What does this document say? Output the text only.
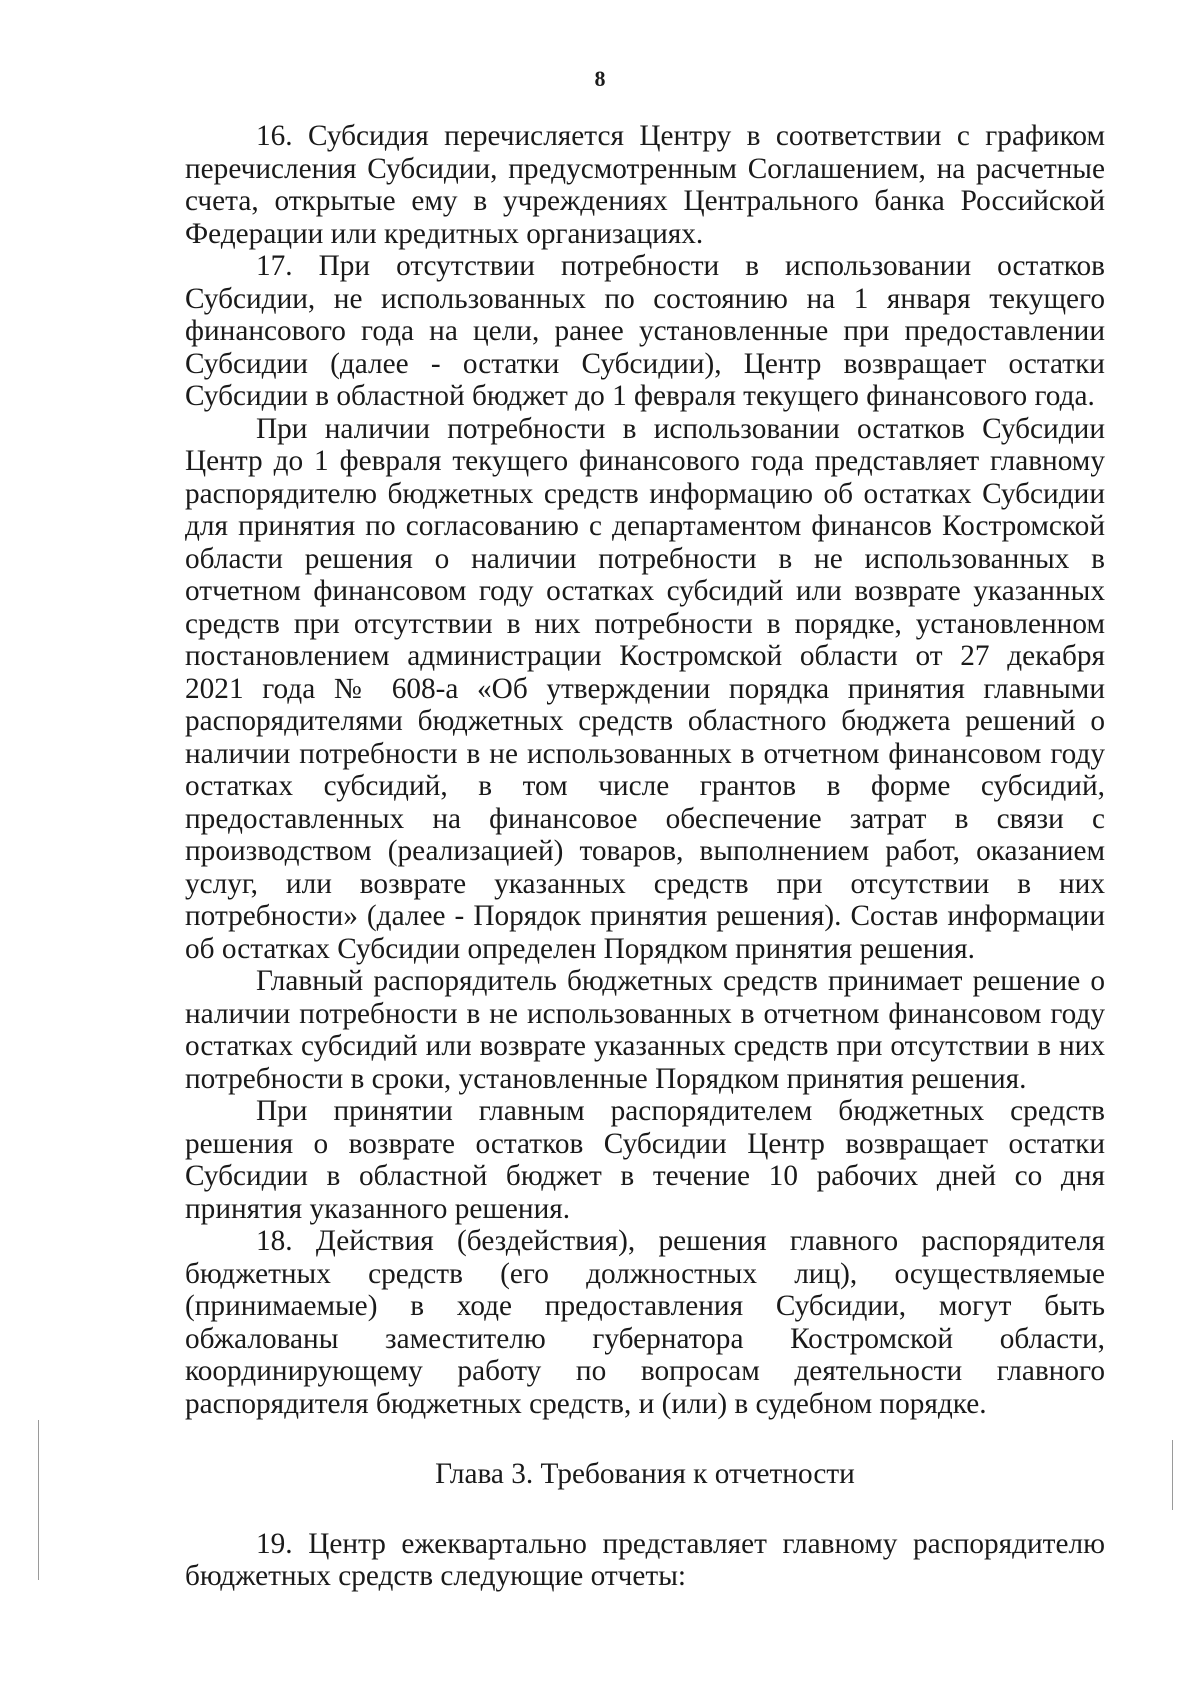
8

16. Субсидия перечисляется Центру в соответствии с графиком перечисления Субсидии, предусмотренным Соглашением, на расчетные счета, открытые ему в учреждениях Центрального банка Российской Федерации или кредитных организациях.

17. При отсутствии потребности в использовании остатков Субсидии, не использованных по состоянию на 1 января текущего финансового года на цели, ранее установленные при предоставлении Субсидии (далее - остатки Субсидии), Центр возвращает остатки Субсидии в областной бюджет до 1 февраля текущего финансового года.

При наличии потребности в использовании остатков Субсидии Центр до 1 февраля текущего финансового года представляет главному распорядителю бюджетных средств информацию об остатках Субсидии для принятия по согласованию с департаментом финансов Костромской области решения о наличии потребности в не использованных в отчетном финансовом году остатках субсидий или возврате указанных средств при отсутствии в них потребности в порядке, установленном постановлением администрации Костромской области от 27 декабря 2021 года № 608-а «Об утверждении порядка принятия главными распорядителями бюджетных средств областного бюджета решений о наличии потребности в не использованных в отчетном финансовом году остатках субсидий, в том числе грантов в форме субсидий, предоставленных на финансовое обеспечение затрат в связи с производством (реализацией) товаров, выполнением работ, оказанием услуг, или возврате указанных средств при отсутствии в них потребности» (далее - Порядок принятия решения). Состав информации об остатках Субсидии определен Порядком принятия решения.

Главный распорядитель бюджетных средств принимает решение о наличии потребности в не использованных в отчетном финансовом году остатках субсидий или возврате указанных средств при отсутствии в них потребности в сроки, установленные Порядком принятия решения.

При принятии главным распорядителем бюджетных средств решения о возврате остатков Субсидии Центр возвращает остатки Субсидии в областной бюджет в течение 10 рабочих дней со дня принятия указанного решения.

18. Действия (бездействия), решения главного распорядителя бюджетных средств (его должностных лиц), осуществляемые (принимаемые) в ходе предоставления Субсидии, могут быть обжалованы заместителю губернатора Костромской области, координирующему работу по вопросам деятельности главного распорядителя бюджетных средств, и (или) в судебном порядке.

Глава 3. Требования к отчетности

19. Центр ежеквартально представляет главному распорядителю бюджетных средств следующие отчеты:
